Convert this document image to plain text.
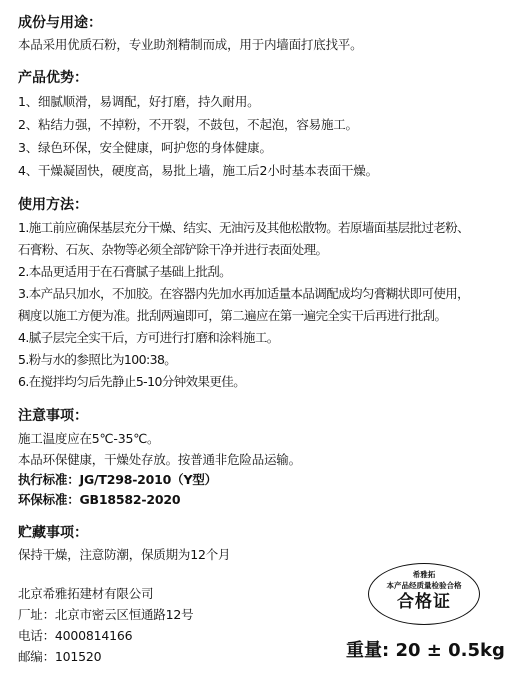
成份与用途：

本品采用优质石粉，专业助剂精制而成，用于内墙面打底找平。

产品优势：

1、细腻顺滑，易调配，好打磨，持久耐用。
2、粘结力强，不掉粉，不开裂，不鼓包，不起泡，容易施工。
3、绿色环保，安全健康，呵护您的身体健康。
4、干燥凝固快，硬度高，易批上墙，施工后2小时基本表面干燥。

使用方法：

1.施工前应确保基层充分干燥、结实、无油污及其他松散物。若原墙面基层批过老粉、
石膏粉、石灰、杂物等必须全部铲除干净并进行表面处理。
2.本品更适用于在石膏腻子基础上批刮。
3.本产品只加水，不加胶。在容器内先加水再加适量本品调配成均匀膏糊状即可使用，
稠度以施工方便为准。批刮两遍即可，第二遍应在第一遍完全实干后再进行批刮。
4.腻子层完全实干后，方可进行打磨和涂料施工。
5.粉与水的参照比为100:38。
6.在搅拌均匀后先静止5-10分钟效果更佳。

注意事项：

施工温度应在5℃-35℃。
本品环保健康，干燥处存放。按普通非危险品运输。
执行标准：JG/T298-2010（Y型）
环保标准：GB18582-2020

贮藏事项：

保持干燥，注意防潮，保质期为12个月
北京希雅拓建材有限公司
厂址：北京市密云区恒通路12号
电话：4000814166
邮编：101520
希雅拓
本产品经质量检验合格
合格证
重量: 20 ± 0.5kg
